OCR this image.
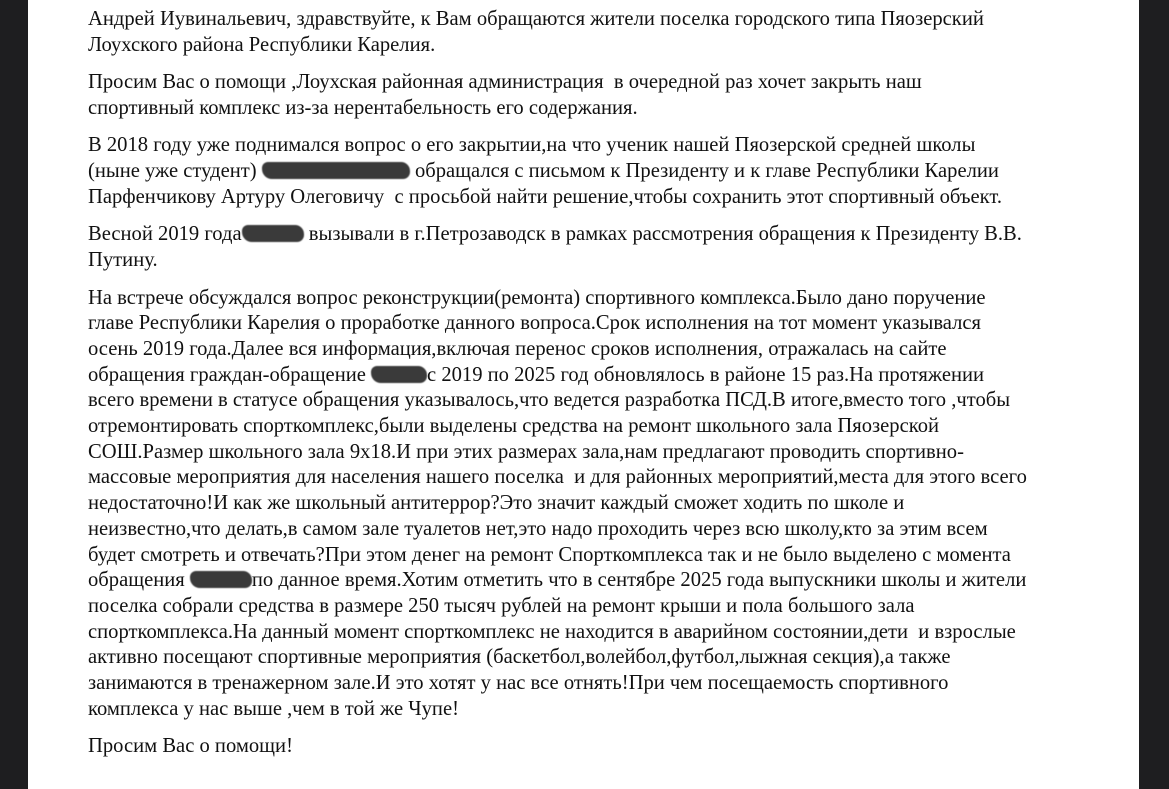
Андрей Иувинальевич, здравствуйте, к Вам обращаются жители поселка городского типа Пяозерский
Лоухского района Республики Карелия.

Просим Вас о помощи ,Лоухская районная администрация  в очередной раз хочет закрыть наш
спортивный комплекс из-за нерентабельность его содержания.

В 2018 году уже поднимался вопрос о его закрытии,на что ученик нашей Пяозерской средней школы
(ныне уже студент)	обращался с письмом к Президенту и к главе Республики Карелии
Парфенчикову Артуру Олеговичу  с просьбой найти решение,чтобы сохранить этот спортивный объект.

Весной 2019 года	вызывали в г.Петрозаводск в рамках рассмотрения обращения к Президенту В.В.
Путину.

На встрече обсуждался вопрос реконструкции(ремонта) спортивного комплекса.Было дано поручение
главе Республики Карелия о проработке данного вопроса.Срок исполнения на тот момент указывался
осень 2019 года.Далее вся информация,включая перенос сроков исполнения, отражалась на сайте
обращения граждан-обращение	с 2019 по 2025 год обновлялось в районе 15 раз.На протяжении
всего времени в статусе обращения указывалось,что ведется разработка ПСД.В итоге,вместо того ,чтобы
отремонтировать спорткомплекс,были выделены средства на ремонт школьного зала Пяозерской
СОШ.Размер школьного зала 9х18.И при этих размерах зала,нам предлагают проводить спортивно-
массовые мероприятия для населения нашего поселка  и для районных мероприятий,места для этого всего
недостаточно!И как же школьный антитеррор?Это значит каждый сможет ходить по школе и
неизвестно,что делать,в самом зале туалетов нет,это надо проходить через всю школу,кто за этим всем
будет смотреть и отвечать?При этом денег на ремонт Спорткомплекса так и не было выделено с момента
обращения	по данное время.Хотим отметить что в сентябре 2025 года выпускники школы и жители
поселка собрали средства в размере 250 тысяч рублей на ремонт крыши и пола большого зала
спорткомплекса.На данный момент спорткомплекс не находится в аварийном состоянии,дети  и взрослые
активно посещают спортивные мероприятия (баскетбол,волейбол,футбол,лыжная секция),а также
занимаются в тренажерном зале.И это хотят у нас все отнять!При чем посещаемость спортивного
комплекса у нас выше ,чем в той же Чупе!

Просим Вас о помощи!
